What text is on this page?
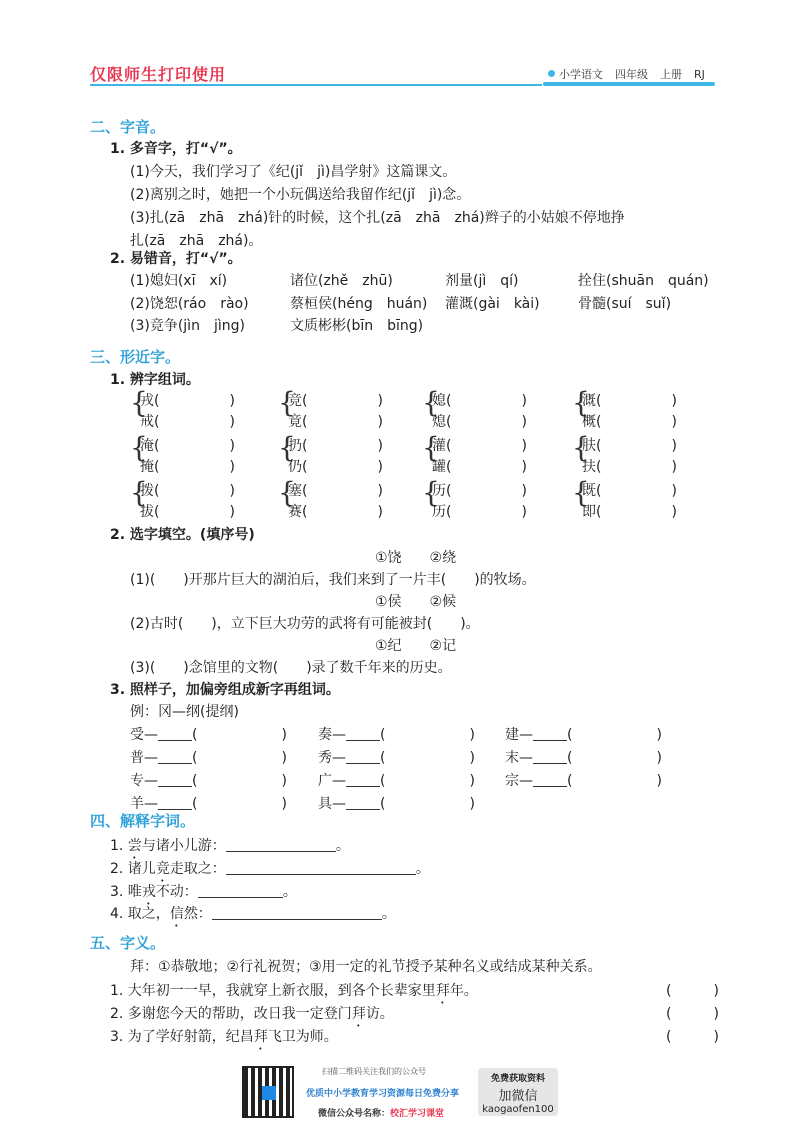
仅限师生打印使用	小学语文 四年级 上册 RJ
二、字音。
1. 多音字，打“√”。
(1)今天，我们学习了《纪(jǐ　jì)昌学射》这篇课文。
(2)离别之时，她把一个小玩偶送给我留作纪(jǐ　jì)念。
(3)扎(zā　zhā　zhá)针的时候，这个扎(zā　zhā　zhá)辫子的小姑娘不停地挣
扎(zā　zhā　zhá)。
2. 易错音，打“√”。
(1)媳妇(xī　xí)	诸位(zhě　zhū)	剂量(jì　qí)	拴住(shuān　quán)
(2)饶恕(ráo　rào)	蔡桓侯(héng　huán) 灌溉(gài　kài)	骨髓(suí　suǐ)
(3)竞争(jìn　jìng)	文质彬彬(bīn　bīng)
三、形近字。
1. 辨字组词。
{
戎(　　　　　)
戒(　　　　　)
{
竞(　　　　　)
竟(　　　　　)
{
媳(　　　　　)
熄(　　　　　)
{
溉(　　　　　)
概(　　　　　)
{
淹(　　　　　)
掩(　　　　　)
{
扔(　　　　　)
仍(　　　　　)
{
灌(　　　　　)
罐(　　　　　)
{
肤(　　　　　)
扶(　　　　　)
{
拨(　　　　　)
拔(　　　　　)
{
塞(　　　　　)
赛(　　　　　)
{
历(　　　　　)
历(　　　　　)
{
既(　　　　　)
即(　　　　　)
2. 选字填空。(填序号)
①饶　　②绕
(1)(　　)开那片巨大的湖泊后，我们来到了一片丰(　　)的牧场。
①侯　　②候
(2)古时(　　)，立下巨大功劳的武将有可能被封(　　)。
①纪　　②记
(3)(　　)念馆里的文物(　　)录了数千年来的历史。
3. 照样子，加偏旁组成新字再组词。
例：冈—纲(提纲)
受— (　　　　　　) 奏— (　　　　　　) 建— (　　　　　　)
普— (　　　　　　) 秀— (　　　　　　) 末— (　　　　　　)
专— (　　　　　　) 广— (　　　　　　) 宗— (　　　　　　)
羊— (　　　　　　) 具— (　　　　　　)
四、解释字词。
1. 尝与诸小儿游：	。
2. 诸儿竞走取之：	。
3. 唯戎不动：	。
4. 取之，信然：	。
五、字义。
拜：①恭敬地；②行礼祝贺；③用一定的礼节授予某种名义或结成某种关系。
1. 大年初一一早，我就穿上新衣服，到各个长辈家里拜年。	(　　　)
2. 多谢您今天的帮助，改日我一定登门拜访。	(　　　)
3. 为了学好射箭，纪昌拜飞卫为师。	(　　　)
扫描二维码关注我们的公众号
优质中小学教育学习资源每日免费分享
微信公众号名称：校汇学习课堂
免费获取资料
加微信
kaogaofen100
